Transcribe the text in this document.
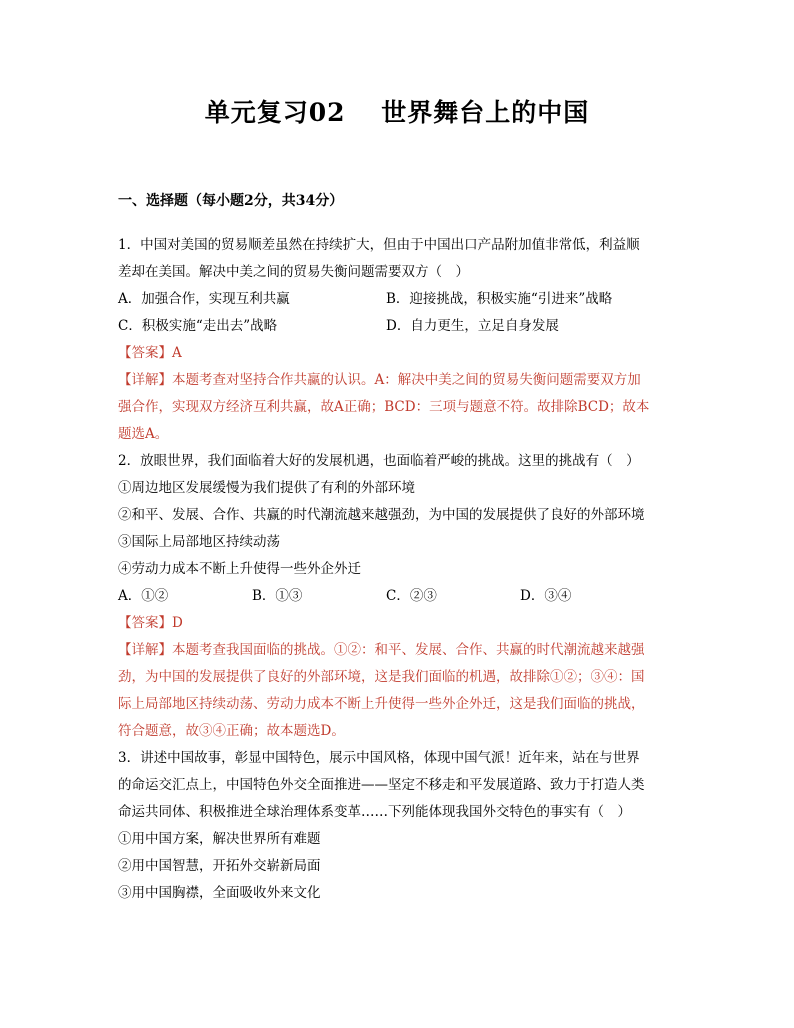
单元复习02　 世界舞台上的中国
一、选择题（每小题2分，共34分）
1．中国对美国的贸易顺差虽然在持续扩大，但由于中国出口产品附加值非常低，利益顺
差却在美国。解决中美之间的贸易失衡问题需要双方（　）
A．加强合作，实现互利共赢	B．迎接挑战，积极实施“引进来”战略
C．积极实施“走出去”战略	D．自力更生，立足自身发展
【答案】A
【详解】本题考查对坚持合作共赢的认识。A：解决中美之间的贸易失衡问题需要双方加
强合作，实现双方经济互利共赢，故A正确；BCD：三项与题意不符。故排除BCD；故本
题选A。
2．放眼世界，我们面临着大好的发展机遇，也面临着严峻的挑战。这里的挑战有（　）
①周边地区发展缓慢为我们提供了有利的外部环境
②和平、发展、合作、共赢的时代潮流越来越强劲，为中国的发展提供了良好的外部环境
③国际上局部地区持续动荡
④劳动力成本不断上升使得一些外企外迁
A．①②	B．①③	C．②③	D．③④
【答案】D
【详解】本题考查我国面临的挑战。①②：和平、发展、合作、共赢的时代潮流越来越强
劲，为中国的发展提供了良好的外部环境，这是我们面临的机遇，故排除①②；③④：国
际上局部地区持续动荡、劳动力成本不断上升使得一些外企外迁，这是我们面临的挑战，
符合题意，故③④正确；故本题选D。
3．讲述中国故事，彰显中国特色，展示中国风格，体现中国气派！近年来，站在与世界
的命运交汇点上，中国特色外交全面推进——坚定不移走和平发展道路、致力于打造人类
命运共同体、积极推进全球治理体系变革……下列能体现我国外交特色的事实有（　）
①用中国方案，解决世界所有难题
②用中国智慧，开拓外交崭新局面
③用中国胸襟，全面吸收外来文化
